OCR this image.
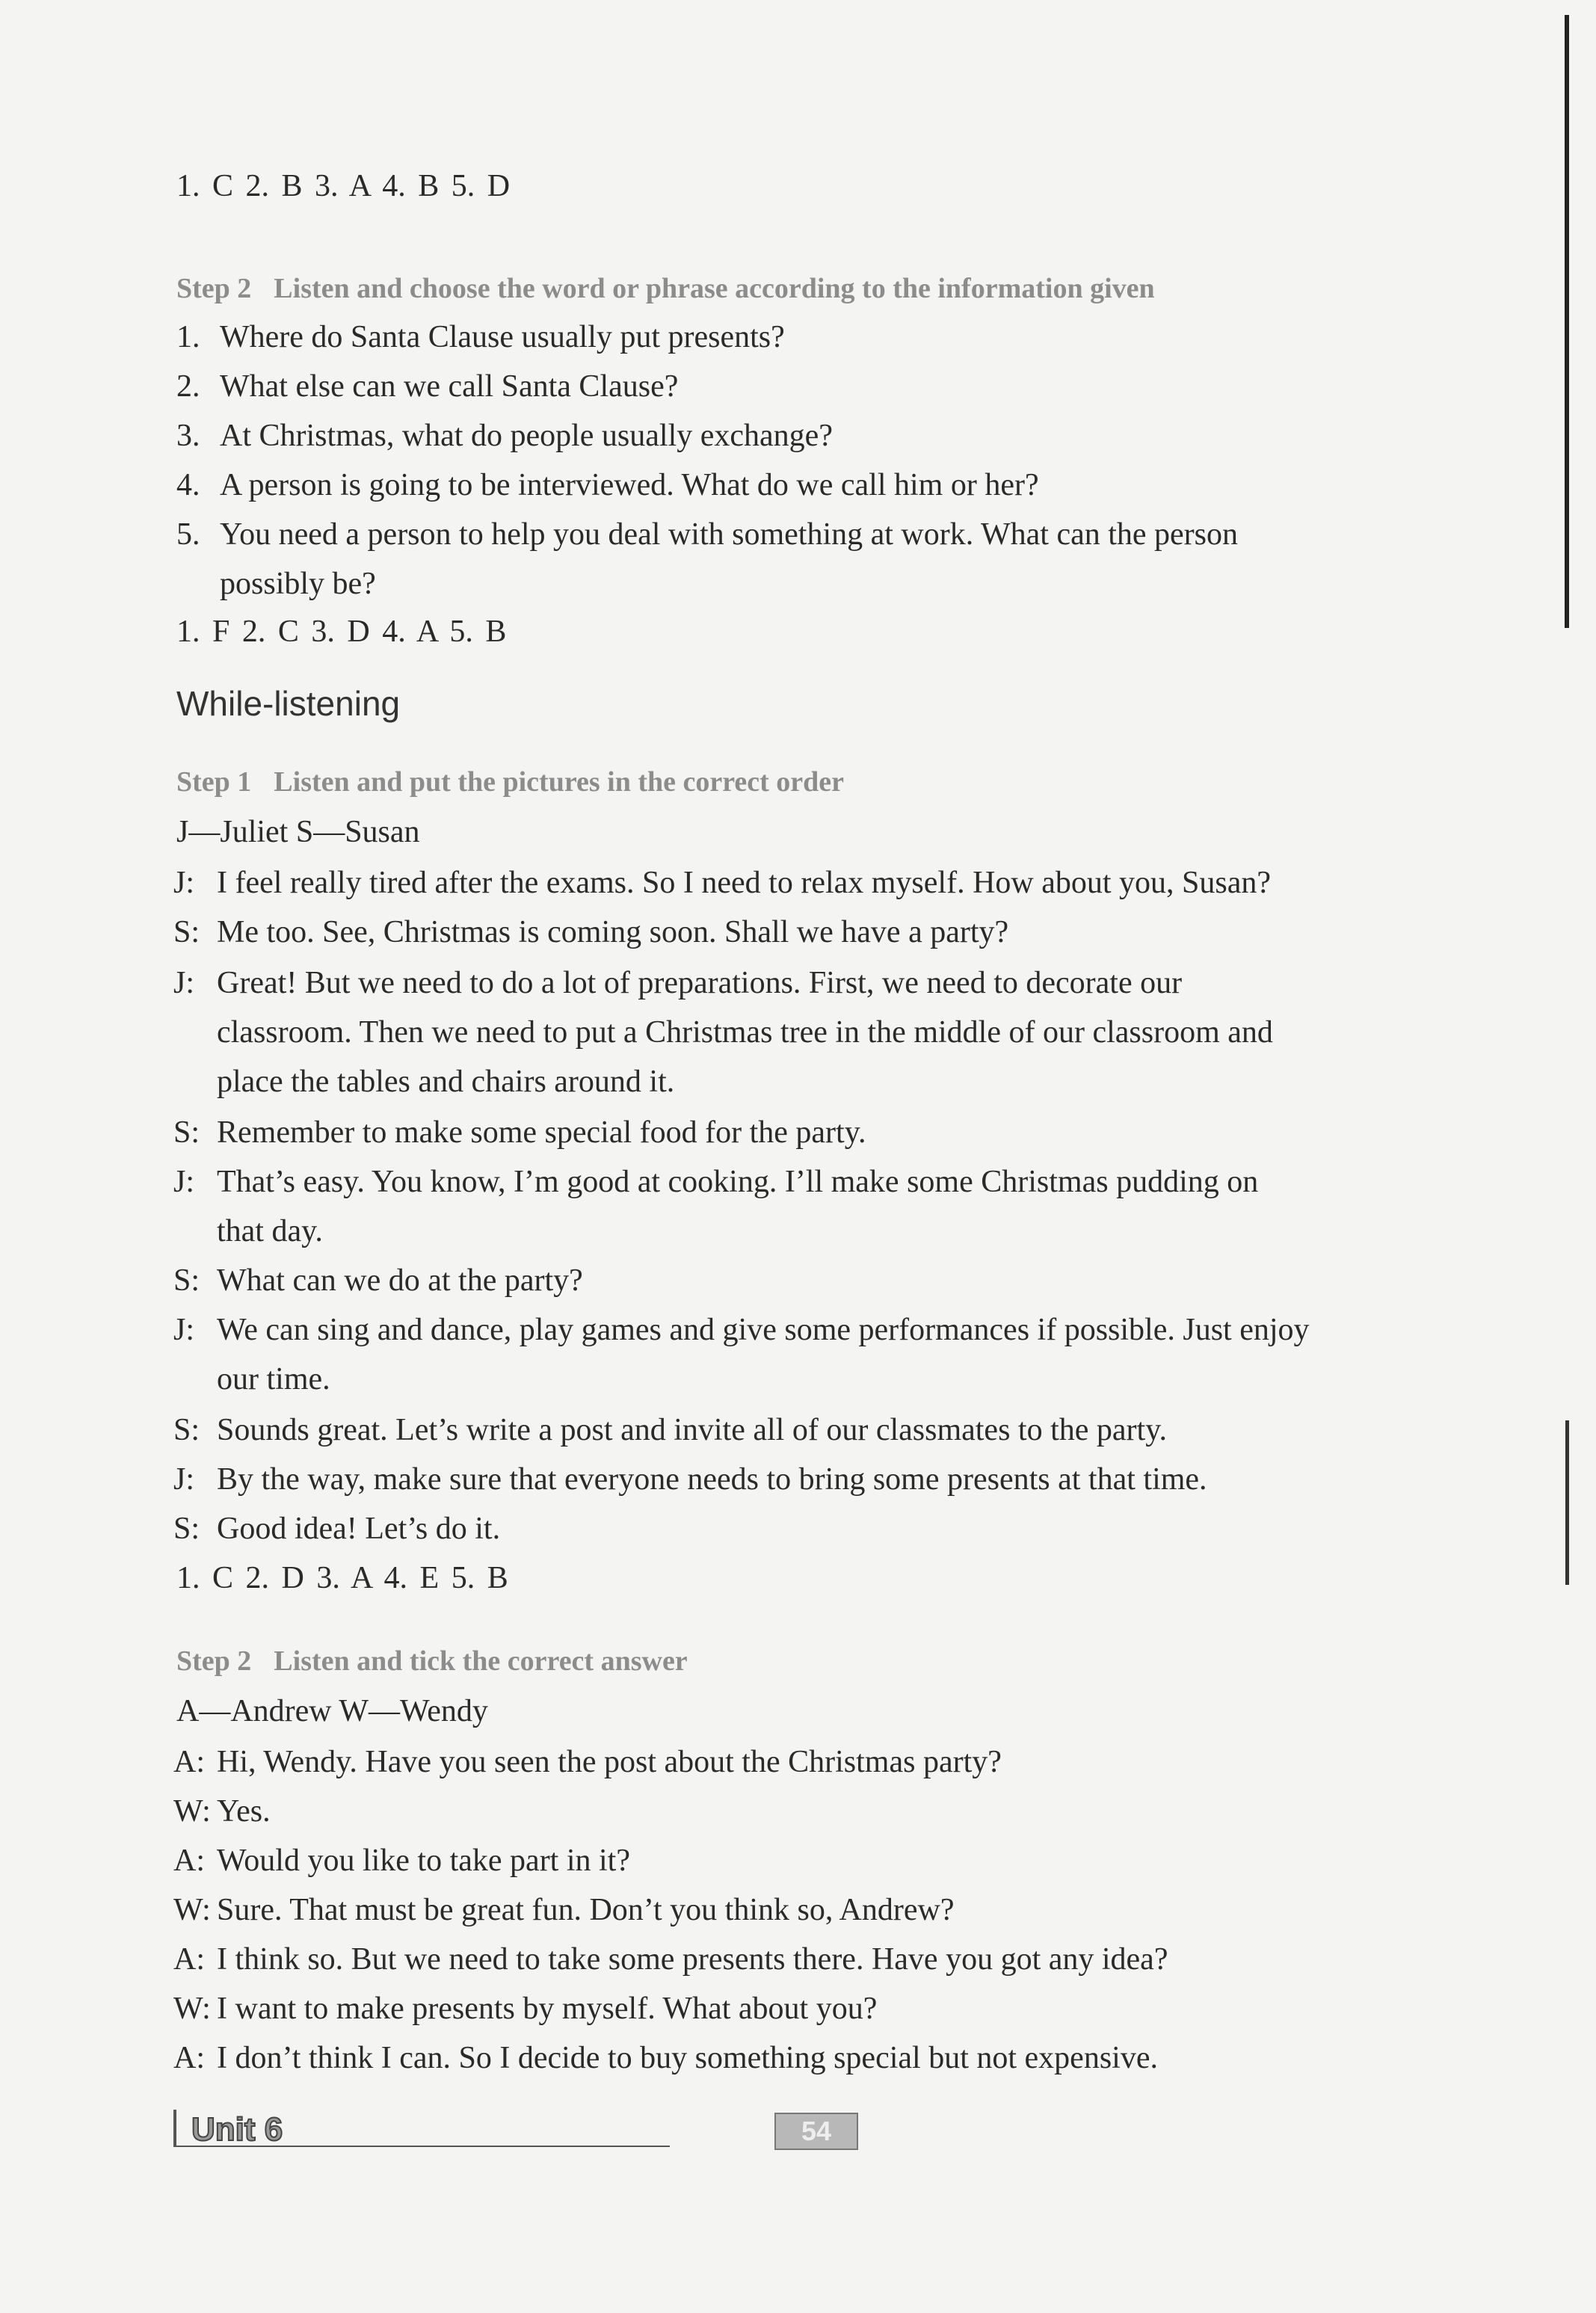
1. C 2. B 3. A 4. B 5. D
Step 2 Listen and choose the word or phrase according to the information given
1. Where do Santa Clause usually put presents?
2. What else can we call Santa Clause?
3. At Christmas, what do people usually exchange?
4. A person is going to be interviewed. What do we call him or her?
5. You need a person to help you deal with something at work. What can the person
possibly be?
1. F 2. C 3. D 4. A 5. B
While-listening
Step 1 Listen and put the pictures in the correct order
J—Juliet S—Susan
J: I feel really tired after the exams. So I need to relax myself. How about you, Susan?
S: Me too. See, Christmas is coming soon. Shall we have a party?
J: Great! But we need to do a lot of preparations. First, we need to decorate our
classroom. Then we need to put a Christmas tree in the middle of our classroom and
place the tables and chairs around it.
S: Remember to make some special food for the party.
J: That’s easy. You know, I’m good at cooking. I’ll make some Christmas pudding on
that day.
S: What can we do at the party?
J: We can sing and dance, play games and give some performances if possible. Just enjoy
our time.
S: Sounds great. Let’s write a post and invite all of our classmates to the party.
J: By the way, make sure that everyone needs to bring some presents at that time.
S: Good idea! Let’s do it.
1. C 2. D 3. A 4. E 5. B
Step 2 Listen and tick the correct answer
A—Andrew W—Wendy
A: Hi, Wendy. Have you seen the post about the Christmas party?
W: Yes.
A: Would you like to take part in it?
W: Sure. That must be great fun. Don’t you think so, Andrew?
A: I think so. But we need to take some presents there. Have you got any idea?
W: I want to make presents by myself. What about you?
A: I don’t think I can. So I decide to buy something special but not expensive.
Unit 6	54
